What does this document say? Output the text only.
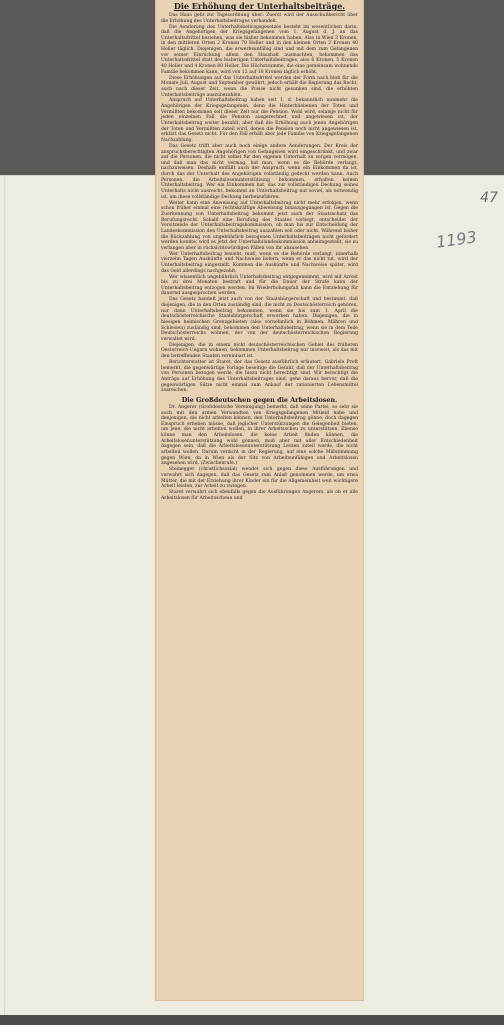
47
1193
Die Erhöhung der Unterhaltsbeiträge.

Das Haus geht zur Tagesordnung über: Zuerst wird der Ausschußbericht über die Erhöhung des Unterhaltsbeitrages verhandelt.

Die Aenderung des Unterhaltsbeitragsgesetzes besteht im wesentlichen darin, daß die Angehörigen der Kriegsgefangenen vom 1. August d. J. an das Unterhaltsdrittel beziehen, was sie bisher bekommen haben. Also in Wien 3 Kronen, in den mittleren Orten 2 Kronen 70 Heller und in den kleinen Orten 2 Kronen 40 Heller täglich. Diejenigen, die erwerbsunfähig sind und mit dem zum Gefangenen vor seiner Einrückung allein den Haushalt ausmachten, bekommen das Unterhaltsdrittel statt des bisherigen Unterhaltsbeitrages, also 6 Kronen, 5 Kronen 40 Heller und 4 Kronen 80 Heller. Die Höchstsumme, die eine gemeinsam wohnende Familie bekommen kann, wird von 12 auf 18 Kronen täglich erhöht.

Diese Erhöhungen auf das Unterhaltsdrittel werden der Form nach bloß für die Monate Juli, August und September gewährt, jedoch erhält die Regierung das Recht, auch nach dieser Zeit, wenn die Preise nicht gesunken sind, die erhöhten Unterhaltsbeiträge auszubezahlen.

Anspruch auf Unterhaltsbeitrag haben seit 1. d. bekanntlich nunmehr die Angehörigen der Kriegsgefangenen, denn die Hinterbliebenen der Toten und Vermißten bekommen seit dieser Zeit nur die Pension. Wohl wird, solange nicht für jeden einzelnen Fall die Pension ausgerechnet und angewiesen ist, der Unterhaltsbeitrag weiter bezahlt; aber daß die Erhöhung auch jenen Angehörigen der Toten und Vermißten zuteil wird, denen die Pension noch nicht angewiesen ist, erklärt das Gesetz nicht. Für den Fall erhält aber jede Familie von Kriegsgefangenen Nachzahlung.

Das Gesetz trifft aber auch noch einige andere Aenderungen. Der Kreis der anspruchsberechtigten Angehörigen von Gefangenen wird eingeschränkt, und zwar auf die Personen, die nicht selbst für den eigenen Unterhalt zu sorgen vermögen, und daß man das nicht vermag, hat man, wenn es die Behörde verlangt, nachzuweisen. Deshalb entfällt auch der Anspruch, wenn ein Einkommen da ist, durch das der Unterhalt des Angehörigen vollständig gedeckt werden kann. Auch Personen, die Arbeitslosenunterstützung bekommen, erhalten keinen Unterhaltsbeitrag. Wer ein Einkommen hat, das zur vollständigen Deckung seines Unterhalts nicht ausreicht, bekommt an Unterhaltsbeitrag nur soviel, als notwendig ist, um diese vollständige Deckung herbeizuführen.

Weiter kann eine Anweisung auf Unterhaltsbeitrag nicht mehr erfolgen, wenn schon früher einmal eine rechtskräftige Abweisung hinausgegangen ist. Gegen die Zuerkennung von Unterhaltsbeitrag bekommt jetzt auch der Staatsschatz das Berufungsrecht. Sobald eine Berufung des Staates vorliegt, entscheidet der Vorsitzende der Unterhaltsbeitragskommission, ob man bis zur Entscheidung der Landeskommission den Unterhaltsbeitrag auszahlen soll oder nicht. Während bisher die Rückzahlung von ungebührlich bezogenen Unterhaltsbeiträgen nicht gefordert werden konnte, wird es jetzt der Unterhaltslandeskommission anheimgestellt, sie zu verlangen aber in rücksichtswürdigen Fällen von ihr abzusehen.

Wer Unterhaltsbeitrag bezieht, muß, wenn es die Behörde verlangt, innerhalb vierzehn Tagen Auskünfte und Nachweise liefern; wenn er das nicht tut, wird der Unterhaltsbeitrag eingestellt. Kommen die Auskünfte und Nachweise später, wird das Geld allerdings nachgezahlt.

Wer wissentlich ungebührlich Unterhaltsbeitrag entgegennimmt, wird mit Arrest bis zu drei Monaten bestraft und für die Dauer der Strafe kann der Unterhaltsbeitrag entzogen werden. Im Wiederholungsfall kann die Entziehung für dauernd ausgesprochen werden.

Das Gesetz handelt jetzt auch von der Staatsbürgerschaft und bestimmt, daß diejenigen, die in den Orten zuständig sind, die nicht zu Deutschösterreich gehören, nur dann Unterhaltsbeitrag bekommen, wenn sie bis zum 1. April die deutschösterreichische Staatsbürgerschaft erworben haben. Diejenigen, die in hiesigen heimischen Grenzgebieten (also vornehmlich in Böhmen, Mähren und Schlesien) zuständig sind, bekommen den Unterhaltsbeitrag, wenn sie in dem Teile Deutschösterreichs wohnen, der von der deutschösterreichischen Regierung verwaltet wird.

Diejenigen, die in einem nicht deutschösterreichischen Gebiet des früheren Oesterreich-Ungarn wohnen, bekommen Unterhaltsbeitrag nur insoweit, als das mit den betreffenden Staaten vereinbart ist.

Berichterstatter ist Staret, der das Gesetz ausführlich erläutert. Gabriele Proft bemerkt, die gegenwärtige Vorlage beseitige die Gefahr, daß der Unterhaltsbeitrag von Personen bezogen werde, die hiezu nicht berechtigt sind. Wir berechtigt die Anträge auf Erhöhung des Unterhaltsbeitrages sind, gehe daraus hervor, daß die gegenwärtigen Sätze nicht einmal zum Ankauf der rationierten Lebensmittel ausreichen.

Die Großdeutschen gegen die Arbeitslosen.

Dr. Angerer (Großdeutsche Vereinigung) bemerkt, daß seine Partei, so sehr sie auch mit den armen Verwandten von Kriegsgefangenen Mitleid habe und denjenigen, die nicht arbeiten können, den Unterhaltsbeitrag gönne, doch dagegen Einspruch erheben müsse, daß jeglicher Unterstützungen die Gelegenheit bieten, um jene, die nicht arbeiten wollen, in ihrer Arbeitsscheu zu unterstützen. Ebenso könne man den Arbeitslosen, die keine Arbeit finden können, die Arbeitslosenunterstützung wohl gönnen, muß aber mit aller Entschiedenheit dagegen sein, daß die Arbeitslosenunterstützung Leuten zuteil werde, die nicht arbeiten wollen. Darum verzicht in der Regierung, auf eine solche Mißstimmung gegen Wien, da in Wien als der Sitz von Arbeitsunfähigen und Arbeitslosen angesehen wird. (Zwischenrufe.)

Steinegger (christlichsozial) wendet sich gegen diese Ausführungen und verwahrt sich dagegen, daß das Gesetz zum Anlaß genommen werde, um etwa Mütter, die mit der Erziehung ihrer Kinder ein für die Allgemeinheit weit wichtigere Arbeit leisten, zur Arbeit zu zwingen.

Staret verwahrt sich ebenfalls gegen die Ausführungen Angerers, als ob er alle Arbeitslosen für Arbeitsscheue und
